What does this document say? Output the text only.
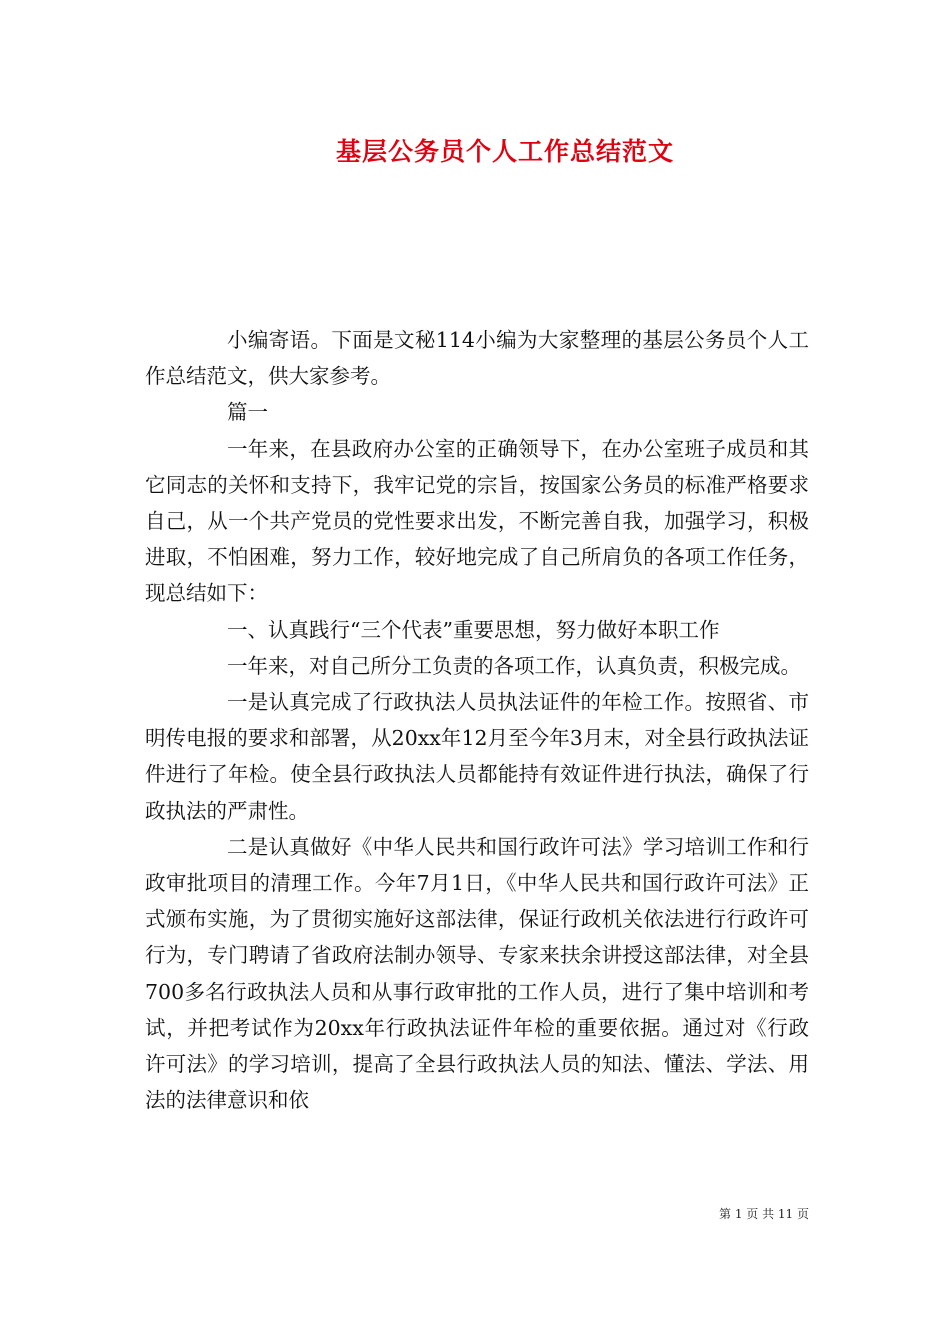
基层公务员个人工作总结范文

小编寄语。下面是文秘114小编为大家整理的基层公务员个人工作总结范文，供大家参考。

篇一

一年来，在县政府办公室的正确领导下，在办公室班子成员和其它同志的关怀和支持下，我牢记党的宗旨，按国家公务员的标准严格要求自己，从一个共产党员的党性要求出发，不断完善自我，加强学习，积极进取，不怕困难，努力工作，较好地完成了自己所肩负的各项工作任务，现总结如下：

一、认真践行“三个代表”重要思想，努力做好本职工作

一年来，对自己所分工负责的各项工作，认真负责，积极完成。

一是认真完成了行政执法人员执法证件的年检工作。按照省、市明传电报的要求和部署，从20xx年12月至今年3月末，对全县行政执法证件进行了年检。使全县行政执法人员都能持有效证件进行执法，确保了行政执法的严肃性。

二是认真做好《中华人民共和国行政许可法》学习培训工作和行政审批项目的清理工作。今年7月1日，《中华人民共和国行政许可法》正式颁布实施，为了贯彻实施好这部法律，保证行政机关依法进行行政许可行为，专门聘请了省政府法制办领导、专家来扶余讲授这部法律，对全县700多名行政执法人员和从事行政审批的工作人员，进行了集中培训和考试，并把考试作为20xx年行政执法证件年检的重要依据。通过对《行政许可法》的学习培训，提高了全县行政执法人员的知法、懂法、学法、用法的法律意识和依

第 1 页 共 11 页
